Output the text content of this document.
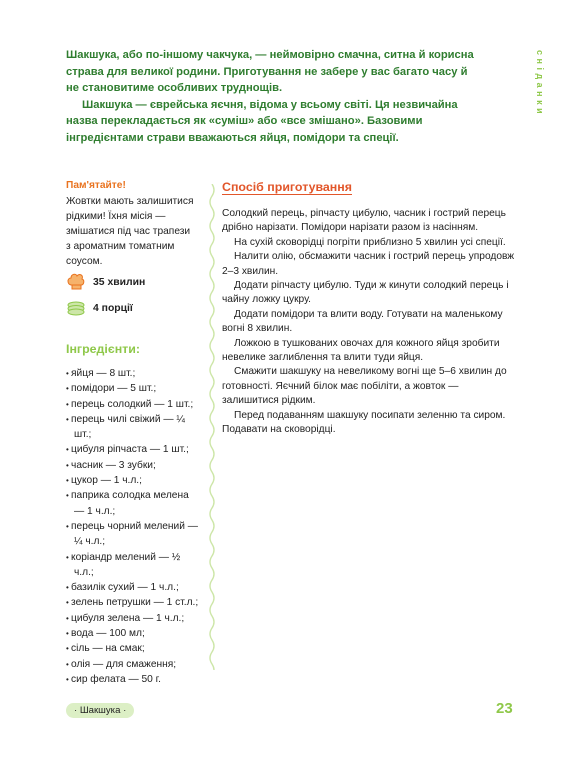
Шакшука, або по-іншому чакчука, — неймовірно смачна, ситна й корисна страва для великої родини. Приготування не забере у вас багато часу й не становитиме особливих труднощів.

Шакшука — єврейська яєчня, відома у всьому світі. Ця незвичайна назва перекладається як «суміш» або «все змішано». Базовими інгредієнтами страви вважаються яйця, помідори та спеції.

сніданки
Пам'ятайте!
Жовтки мають залишитися рідкими! Їхня місія — змішатися під час трапези з ароматним томатним соусом.
35 хвилин
4 порції
Інгредієнти:
• яйця — 8 шт.;
• помідори — 5 шт.;
• перець солодкий — 1 шт.;
• перець чилі свіжий — ¼ шт.;
• цибуля ріпчаста — 1 шт.;
• часник — 3 зубки;
• цукор — 1 ч.л.;
• паприка солодка мелена — 1 ч.л.;
• перець чорний мелений — ¼ ч.л.;
• коріандр мелений — ½ ч.л.;
• базилік сухий — 1 ч.л.;
• зелень петрушки — 1 ст.л.;
• цибуля зелена — 1 ч.л.;
• вода — 100 мл;
• сіль — на смак;
• олія — для смаження;
• сир фелата — 50 г.
Спосіб приготування

Солодкий перець, ріпчасту цибулю, часник і гострий перець дрібно нарізати. Помідори нарізати разом із насінням.

На сухій сковорідці погріти приблизно 5 хвилин усі спеції.

Налити олію, обсмажити часник і гострий перець упродовж 2–3 хвилин.

Додати ріпчасту цибулю. Туди ж кинути солодкий перець і чайну ложку цукру.

Додати помідори та влити воду. Готувати на маленькому вогні 8 хвилин.

Ложкою в тушкованих овочах для кожного яйця зробити невелике заглиблення та влити туди яйця.

Смажити шакшуку на невеликому вогні ще 5–6 хвилин до готовності. Яєчний білок має побіліти, а жовток — залишитися рідким.

Перед подаванням шакшуку посипати зеленню та сиром. Подавати на сковорідці.

· Шакшука ·	23
